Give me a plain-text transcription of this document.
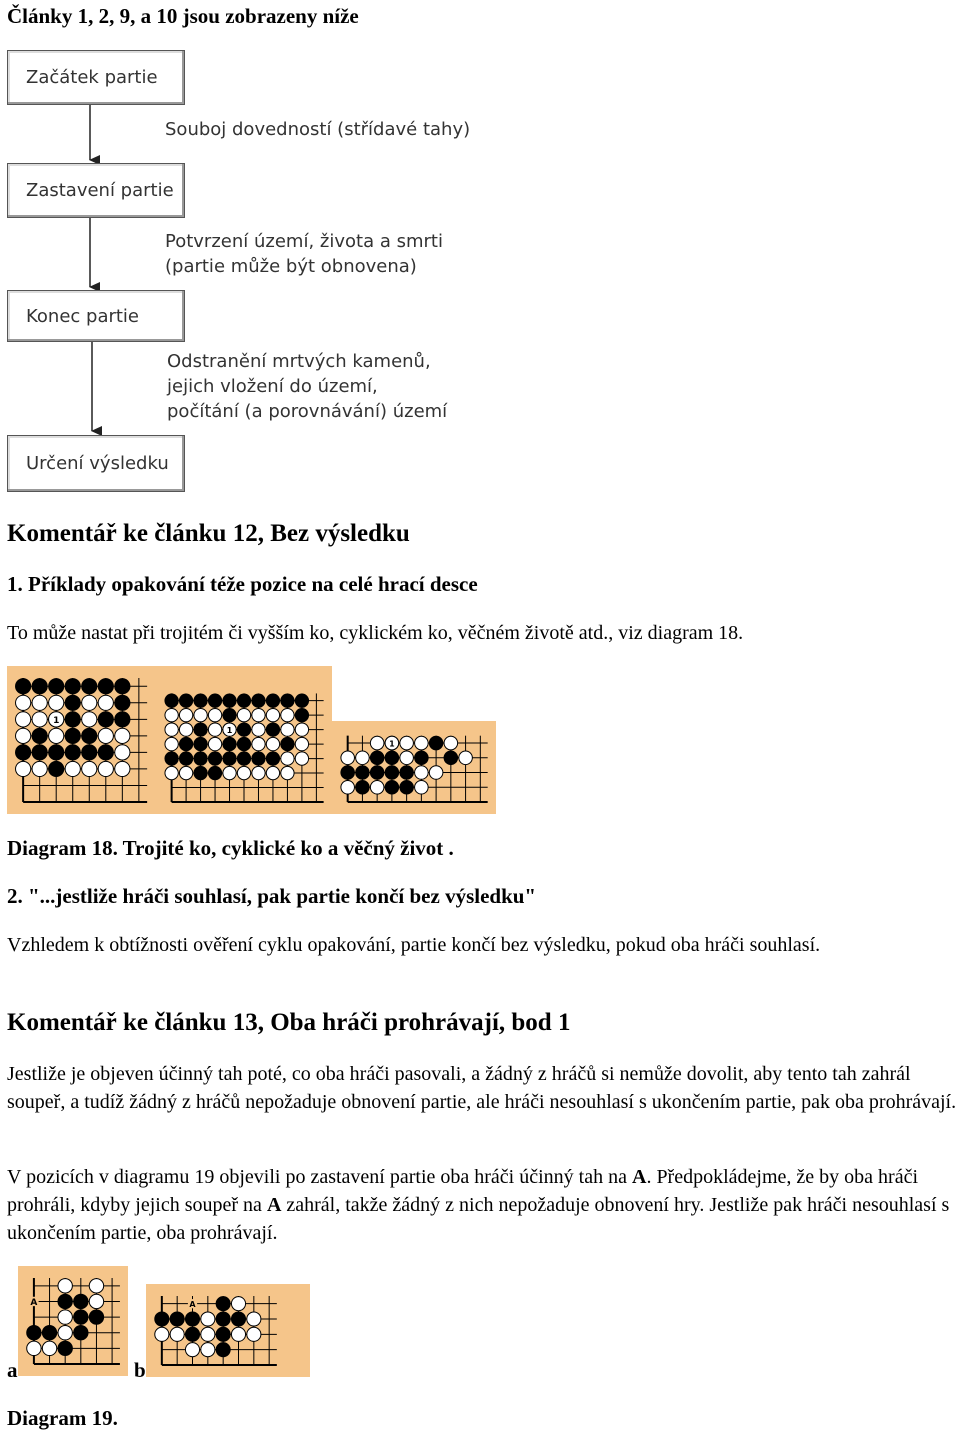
Články 1, 2, 9, a 10 jsou zobrazeny níže
Začátek partie
Zastavení partie
Konec partie
Určení výsledku
Souboj dovedností (střídavé tahy)
Potvrzení území, života a smrti
(partie může být obnovena)
Odstranění mrtvých kamenů,
jejich vložení do území,
počítání (a porovnávání) území
Komentář ke článku 12, Bez výsledku
1. Příklady opakování téže pozice na celé hrací desce
To může nastat při trojitém či vyšším ko, cyklickém ko, věčném životě atd., viz diagram 18.
1
1
1
Diagram 18. Trojité ko, cyklické ko a věčný život .
2. "...jestliže hráči souhlasí, pak partie končí bez výsledku"
Vzhledem k obtížnosti ověření cyklu opakování, partie končí bez výsledku, pokud oba hráči souhlasí.
Komentář ke článku 13, Oba hráči prohrávají, bod 1
Jestliže je objeven účinný tah poté, co oba hráči pasovali, a žádný z hráčů si nemůže dovolit, aby tento tah zahrál soupeř, a tudíž žádný z hráčů nepožaduje obnovení partie, ale hráči nesouhlasí s ukončením partie, pak oba prohrávají.
V pozicích v diagramu 19 objevili po zastavení partie oba hráči účinný tah na A. Předpokládejme, že by oba hráči prohráli, kdyby jejich soupeř na A zahrál, takže žádný z nich nepožaduje obnovení hry. Jestliže pak hráči nesouhlasí s ukončením partie, oba prohrávají.
a
A
b
A
Diagram 19.
